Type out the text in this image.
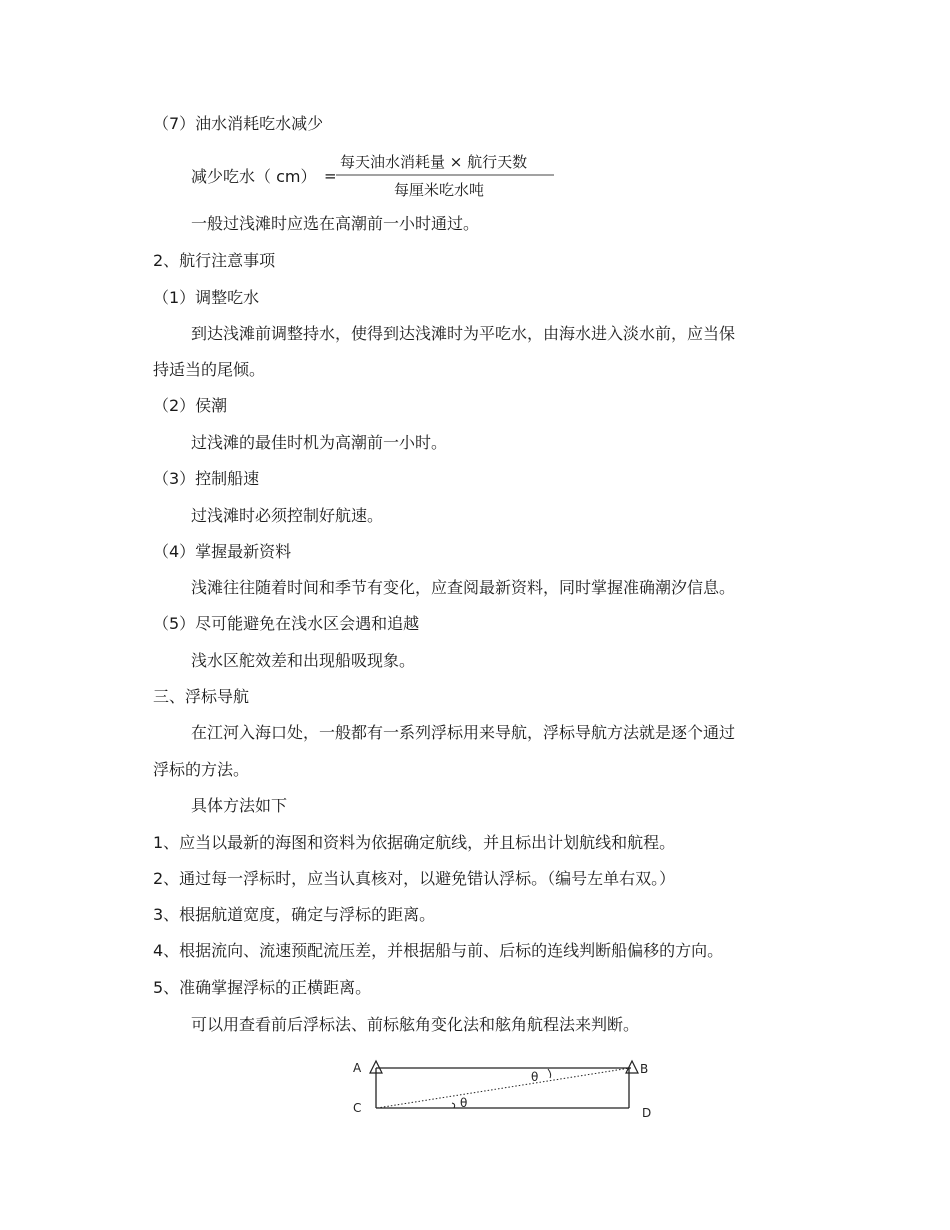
（7）油水消耗吃水减少
减少吃水（ cm） =
每天油水消耗量 × 航行天数
每厘米吃水吨
一般过浅滩时应选在高潮前一小时通过。
2、航行注意事项
（1）调整吃水
到达浅滩前调整持水，使得到达浅滩时为平吃水，由海水进入淡水前，应当保
持适当的尾倾。
（2）侯潮
过浅滩的最佳时机为高潮前一小时。
（3）控制船速
过浅滩时必须控制好航速。
（4）掌握最新资料
浅滩往往随着时间和季节有变化，应查阅最新资料，同时掌握准确潮汐信息。
（5）尽可能避免在浅水区会遇和追越
浅水区舵效差和出现船吸现象。
三、浮标导航
在江河入海口处，一般都有一系列浮标用来导航，浮标导航方法就是逐个通过
浮标的方法。
具体方法如下
1、应当以最新的海图和资料为依据确定航线，并且标出计划航线和航程。
2、通过每一浮标时，应当认真核对，以避免错认浮标。（编号左单右双。）
3、根据航道宽度，确定与浮标的距离。
4、根据流向、流速预配流压差，并根据船与前、后标的连线判断船偏移的方向。
5、准确掌握浮标的正横距离。
可以用查看前后浮标法、前标舷角变化法和舷角航程法来判断。
A	B
C	D
θ
θ
